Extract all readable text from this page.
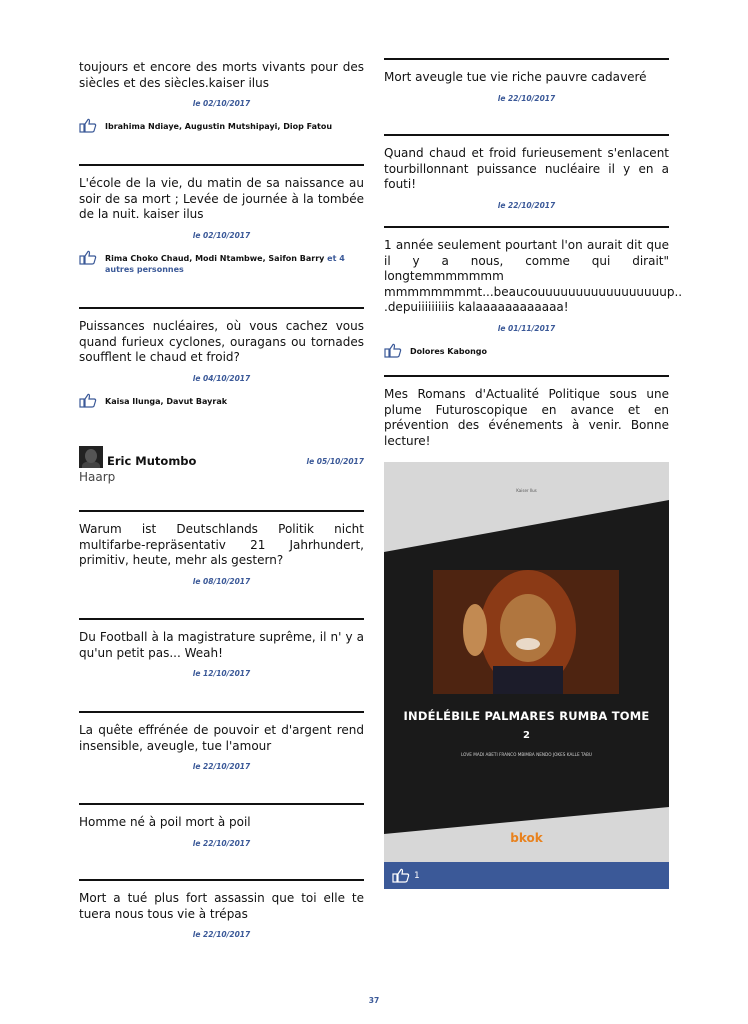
toujours et encore des morts vivants pour des siècles et des siècles.kaiser ilus
le 02/10/2017
Ibrahima Ndiaye, Augustin Mutshipayi, Diop Fatou
L'école de la vie, du matin de sa naissance au soir de sa mort ; Levée de journée à la tombée de la nuit. kaiser ilus
le 02/10/2017
Rima Choko Chaud, Modi Ntambwe, Saifon Barry et 4 autres personnes
Puissances nucléaires, où vous cachez vous quand furieux cyclones, ouragans ou tornades soufflent le chaud et froid?
le 04/10/2017
Kaisa Ilunga, Davut Bayrak
Eric Mutombo	le 05/10/2017
Haarp
Warum ist Deutschlands Politik nicht multifarbe-repräsentativ 21 Jahrhundert, primitiv, heute, mehr als gestern?
le 08/10/2017
Du Football à la magistrature suprême, il n' y a qu'un petit pas... Weah!
le 12/10/2017
La quête effrénée de pouvoir et d'argent rend insensible, aveugle, tue l'amour
le 22/10/2017
Homme né à poil mort à poil
le 22/10/2017
Mort a tué plus fort assassin que toi elle te tuera nous tous vie à trépas
le 22/10/2017
Mort aveugle tue vie riche pauvre cadaveré
le 22/10/2017
Quand chaud et froid furieusement s'enlacent tourbillonnant puissance nucléaire il y en a fouti!
le 22/10/2017
1 année seulement pourtant l'on aurait dit que il y a nous, comme qui dirait" longtemmmmmmm mmmmmmmmt...beaucouuuuuuuuuuuuuuuuup.. .depuiiiiiiiiis kalaaaaaaaaaaaa!
le 01/11/2017
Dolores Kabongo
Mes Romans d'Actualité Politique sous une plume Futuroscopique en avance et en prévention des événements à venir. Bonne lecture!
Kaiser Ilus
INDÉLÉBILE PALMARES RUMBA TOME
2
LOVE MADI ABETI FRANCO MBIMBA NENDO JOKES KALLE TABU
bkok
1
37
